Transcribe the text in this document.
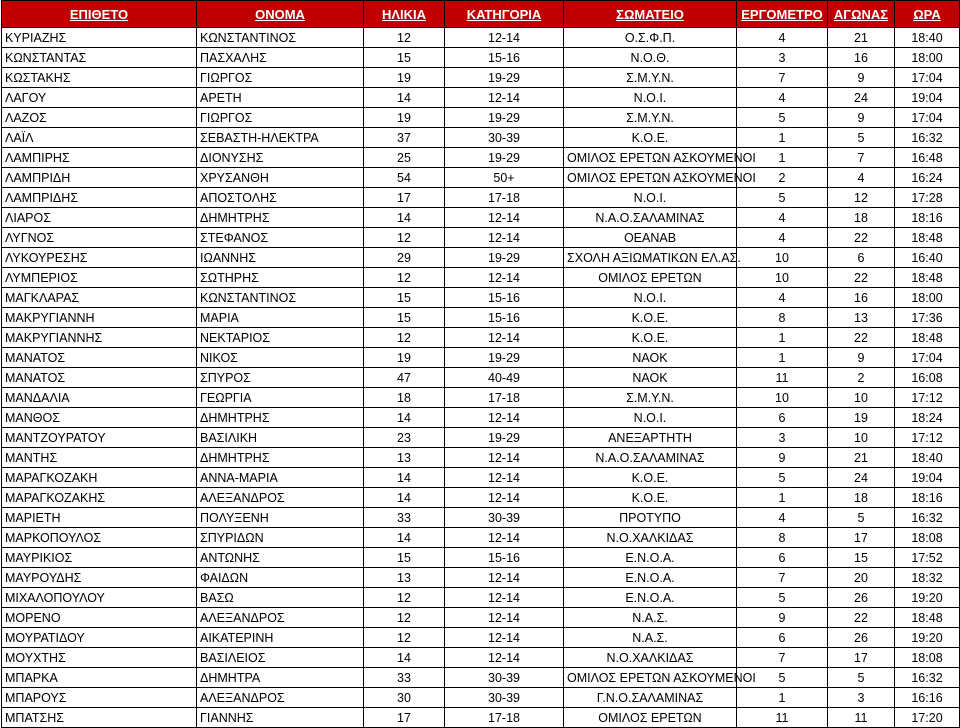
ΕΠΙΘΕΤΟ	ΟΝΟΜΑ	ΗΛΙΚΙΑ	ΚΑΤΗΓΟΡΙΑ	ΣΩΜΑΤΕΙΟ	ΕΡΓΟΜΕΤΡΟ	ΑΓΩΝΑΣ	ΩΡΑ
ΚΥΡΙΑΖΗΣ	ΚΩΝΣΤΑΝΤΙΝΟΣ	12	12-14	Ο.Σ.Φ.Π.	4	21	18:40
ΚΩΝΣΤΑΝΤΑΣ	ΠΑΣΧΑΛΗΣ	15	15-16	Ν.Ο.Θ.	3	16	18:00
ΚΩΣΤΑΚΗΣ	ΓΙΩΡΓΟΣ	19	19-29	Σ.Μ.Υ.Ν.	7	9	17:04
ΛΑΓΟΥ	ΑΡΕΤΗ	14	12-14	Ν.Ο.Ι.	4	24	19:04
ΛΑΖΟΣ	ΓΙΩΡΓΟΣ	19	19-29	Σ.Μ.Υ.Ν.	5	9	17:04
ΛΑΪΛ	ΣΕΒΑΣΤΗ-ΗΛΕΚΤΡΑ	37	30-39	Κ.Ο.Ε.	1	5	16:32
ΛΑΜΠΙΡΗΣ	ΔΙΟΝΥΣΗΣ	25	19-29	ΟΜΙΛΟΣ ΕΡΕΤΩΝ ΑΣΚΟΥΜΕΝΟΙ	1	7	16:48
ΛΑΜΠΡΙΔΗ	ΧΡΥΣΑΝΘΗ	54	50+	ΟΜΙΛΟΣ ΕΡΕΤΩΝ ΑΣΚΟΥΜΕΝΟΙ	2	4	16:24
ΛΑΜΠΡΙΔΗΣ	ΑΠΟΣΤΟΛΗΣ	17	17-18	Ν.Ο.Ι.	5	12	17:28
ΛΙΑΡΟΣ	ΔΗΜΗΤΡΗΣ	14	12-14	Ν.Α.Ο.ΣΑΛΑΜΙΝΑΣ	4	18	18:16
ΛΥΓΝΟΣ	ΣΤΕΦΑΝΟΣ	12	12-14	ΟΕΑΝΑΒ	4	22	18:48
ΛΥΚΟΥΡΕΣΗΣ	ΙΩΑΝΝΗΣ	29	19-29	ΣΧΟΛΗ ΑΞΙΩΜΑΤΙΚΩΝ ΕΛ.ΑΣ.	10	6	16:40
ΛΥΜΠΕΡΙΟΣ	ΣΩΤΗΡΗΣ	12	12-14	ΟΜΙΛΟΣ ΕΡΕΤΩΝ	10	22	18:48
ΜΑΓΚΛΑΡΑΣ	ΚΩΝΣΤΑΝΤΙΝΟΣ	15	15-16	Ν.Ο.Ι.	4	16	18:00
ΜΑΚΡΥΓΙΑΝΝΗ	ΜΑΡΙΑ	15	15-16	Κ.Ο.Ε.	8	13	17:36
ΜΑΚΡΥΓΙΑΝΝΗΣ	ΝΕΚΤΑΡΙΟΣ	12	12-14	Κ.Ο.Ε.	1	22	18:48
ΜΑΝΑΤΟΣ	ΝΙΚΟΣ	19	19-29	ΝΑΟΚ	1	9	17:04
ΜΑΝΑΤΟΣ	ΣΠΥΡΟΣ	47	40-49	ΝΑΟΚ	11	2	16:08
ΜΑΝΔΑΛΙΑ	ΓΕΩΡΓΙΑ	18	17-18	Σ.Μ.Υ.Ν.	10	10	17:12
ΜΑΝΘΟΣ	ΔΗΜΗΤΡΗΣ	14	12-14	Ν.Ο.Ι.	6	19	18:24
ΜΑΝΤΖΟΥΡΑΤΟΥ	ΒΑΣΙΛΙΚΗ	23	19-29	ΑΝΕΞΑΡΤΗΤΗ	3	10	17:12
ΜΑΝΤΗΣ	ΔΗΜΗΤΡΗΣ	13	12-14	Ν.Α.Ο.ΣΑΛΑΜΙΝΑΣ	9	21	18:40
ΜΑΡΑΓΚΟΖΑΚΗ	ΑΝΝΑ-ΜΑΡΙΑ	14	12-14	Κ.Ο.Ε.	5	24	19:04
ΜΑΡΑΓΚΟΖΑΚΗΣ	ΑΛΕΞΑΝΔΡΟΣ	14	12-14	Κ.Ο.Ε.	1	18	18:16
ΜΑΡΙΕΤΗ	ΠΟΛΥΞΕΝΗ	33	30-39	ΠΡΟΤΥΠΟ	4	5	16:32
ΜΑΡΚΟΠΟΥΛΟΣ	ΣΠΥΡΙΔΩΝ	14	12-14	Ν.Ο.ΧΑΛΚΙΔΑΣ	8	17	18:08
ΜΑΥΡΙΚΙΟΣ	ΑΝΤΩΝΗΣ	15	15-16	Ε.Ν.Ο.Α.	6	15	17:52
ΜΑΥΡΟΥΔΗΣ	ΦΑΙΔΩΝ	13	12-14	Ε.Ν.Ο.Α.	7	20	18:32
ΜΙΧΑΛΟΠΟΥΛΟΥ	ΒΑΣΩ	12	12-14	Ε.Ν.Ο.Α.	5	26	19:20
ΜΟΡΕΝΟ	ΑΛΕΞΑΝΔΡΟΣ	12	12-14	Ν.Α.Σ.	9	22	18:48
ΜΟΥΡΑΤΙΔΟΥ	ΑΙΚΑΤΕΡΙΝΗ	12	12-14	Ν.Α.Σ.	6	26	19:20
ΜΟΥΧΤΗΣ	ΒΑΣΙΛΕΙΟΣ	14	12-14	Ν.Ο.ΧΑΛΚΙΔΑΣ	7	17	18:08
ΜΠΑΡΚΑ	ΔΗΜΗΤΡΑ	33	30-39	ΟΜΙΛΟΣ ΕΡΕΤΩΝ ΑΣΚΟΥΜΕΝΟΙ	5	5	16:32
ΜΠΑΡΟΥΣ	ΑΛΕΞΑΝΔΡΟΣ	30	30-39	Γ.Ν.Ο.ΣΑΛΑΜΙΝΑΣ	1	3	16:16
ΜΠΑΤΣΗΣ	ΓΙΑΝΝΗΣ	17	17-18	ΟΜΙΛΟΣ ΕΡΕΤΩΝ	11	11	17:20
